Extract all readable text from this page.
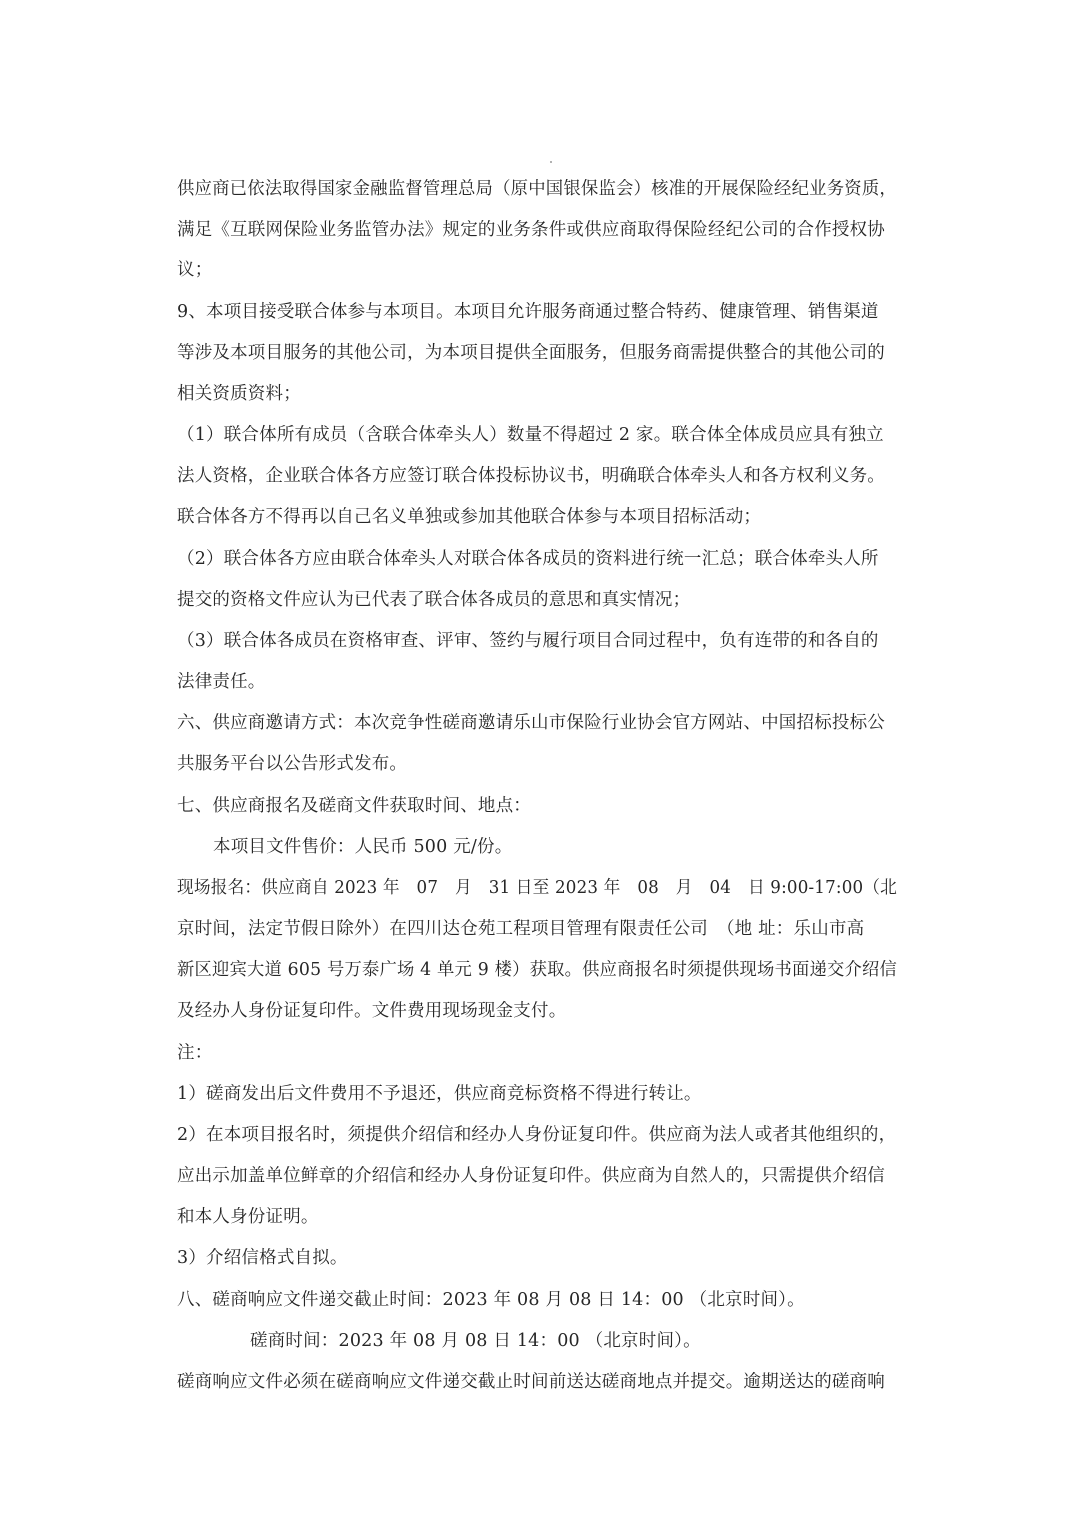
供应商已依法取得国家金融监督管理总局（原中国银保监会）核准的开展保险经纪业务资质，
满足《互联网保险业务监管办法》规定的业务条件或供应商取得保险经纪公司的合作授权协
议；
9、本项目接受联合体参与本项目。本项目允许服务商通过整合特药、健康管理、销售渠道
等涉及本项目服务的其他公司，为本项目提供全面服务，但服务商需提供整合的其他公司的
相关资质资料；
（1）联合体所有成员（含联合体牵头人）数量不得超过 2 家。联合体全体成员应具有独立
法人资格，企业联合体各方应签订联合体投标协议书，明确联合体牵头人和各方权利义务。
联合体各方不得再以自己名义单独或参加其他联合体参与本项目招标活动；
（2）联合体各方应由联合体牵头人对联合体各成员的资料进行统一汇总；联合体牵头人所
提交的资格文件应认为已代表了联合体各成员的意思和真实情况；
（3）联合体各成员在资格审查、评审、签约与履行项目合同过程中，负有连带的和各自的
法律责任。
六、供应商邀请方式：本次竞争性磋商邀请乐山市保险行业协会官方网站、中国招标投标公
共服务平台以公告形式发布。
七、供应商报名及磋商文件获取时间、地点：
本项目文件售价：人民币 500 元/份。
现场报名：供应商自 2023 年　07　月　31 日至 2023 年　08　月　04　日 9:00-17:00（北
京时间，法定节假日除外）在四川达仓苑工程项目管理有限责任公司　（地 址：乐山市高
新区迎宾大道 605 号万泰广场 4 单元 9 楼）获取。供应商报名时须提供现场书面递交介绍信
及经办人身份证复印件。文件费用现场现金支付。
注：
1）磋商发出后文件费用不予退还，供应商竞标资格不得进行转让。
2）在本项目报名时，须提供介绍信和经办人身份证复印件。供应商为法人或者其他组织的，
应出示加盖单位鲜章的介绍信和经办人身份证复印件。供应商为自然人的，只需提供介绍信
和本人身份证明。
3）介绍信格式自拟。
八、磋商响应文件递交截止时间：2023 年 08 月 08 日 14：00 （北京时间）。
磋商时间：2023 年 08 月 08 日 14：00 （北京时间）。
磋商响应文件必须在磋商响应文件递交截止时间前送达磋商地点并提交。逾期送达的磋商响
